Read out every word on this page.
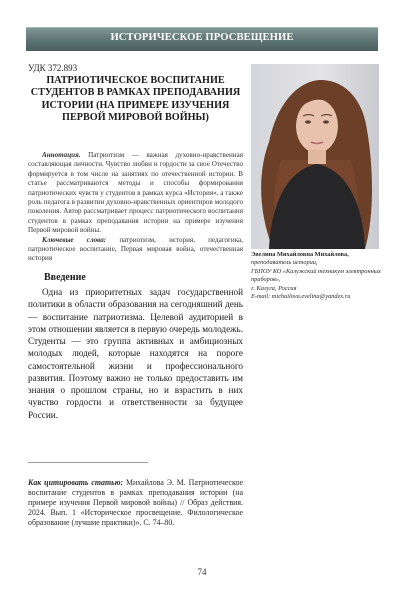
ИСТОРИЧЕСКОЕ ПРОСВЕЩЕНИЕ
УДК 372.893
ПАТРИОТИЧЕСКОЕ ВОСПИТАНИЕ СТУДЕНТОВ В РАМКАХ ПРЕПОДАВАНИЯ ИСТОРИИ (НА ПРИМЕРЕ ИЗУЧЕНИЯ ПЕРВОЙ МИРОВОЙ ВОЙНЫ)
Эвелина Михайловна Михайлова,
преподаватель истории,
ГБПОУ КО «Калужский техникум электронных приборов»,
г. Калуга, Россия
E-mail: michailova.evelina@yandex.ru

Аннотация. Патриотизм — важная духовно-нравственная составляющая личности. Чувство любви и гордости за свое Отечество формируется в том числе на занятиях по отечественной истории. В статье рассматриваются методы и способы формирования патриотических чувств у студентов в рамках курса «История», а также роль педагога в развитии духовно-нравственных ориентиров молодого поколения. Автор рассматривает процесс патриотического воспитания студентов в рамках преподавания истории на примере изучения Первой мировой войны.

Ключевые слова: патриотизм, история, педагогика, патриотическое воспитание, Первая мировая война, отечественная история

Введение

Одна из приоритетных задач государственной политики в области образования на сегодняшний день — воспитание патриотизма. Целевой аудиторией в этом отношении является в первую очередь молодежь. Студенты — это группа активных и амбициозных молодых людей, которые находятся на пороге самостоятельной жизни и профессионального развития. Поэтому важно не только предоставить им знания о прошлом страны, но и взрастить в них чувство гордости и ответственности за будущее России.

Как цитировать статью: Михайлова Э. М. Патриотическое воспитание студентов в рамках преподавания истории (на примере изучения Первой мировой войны) // Образ действия. 2024. Вып. 1 «Историческое просвещение. Филологическое образование (лучшие практики)». С. 74–80.
74
